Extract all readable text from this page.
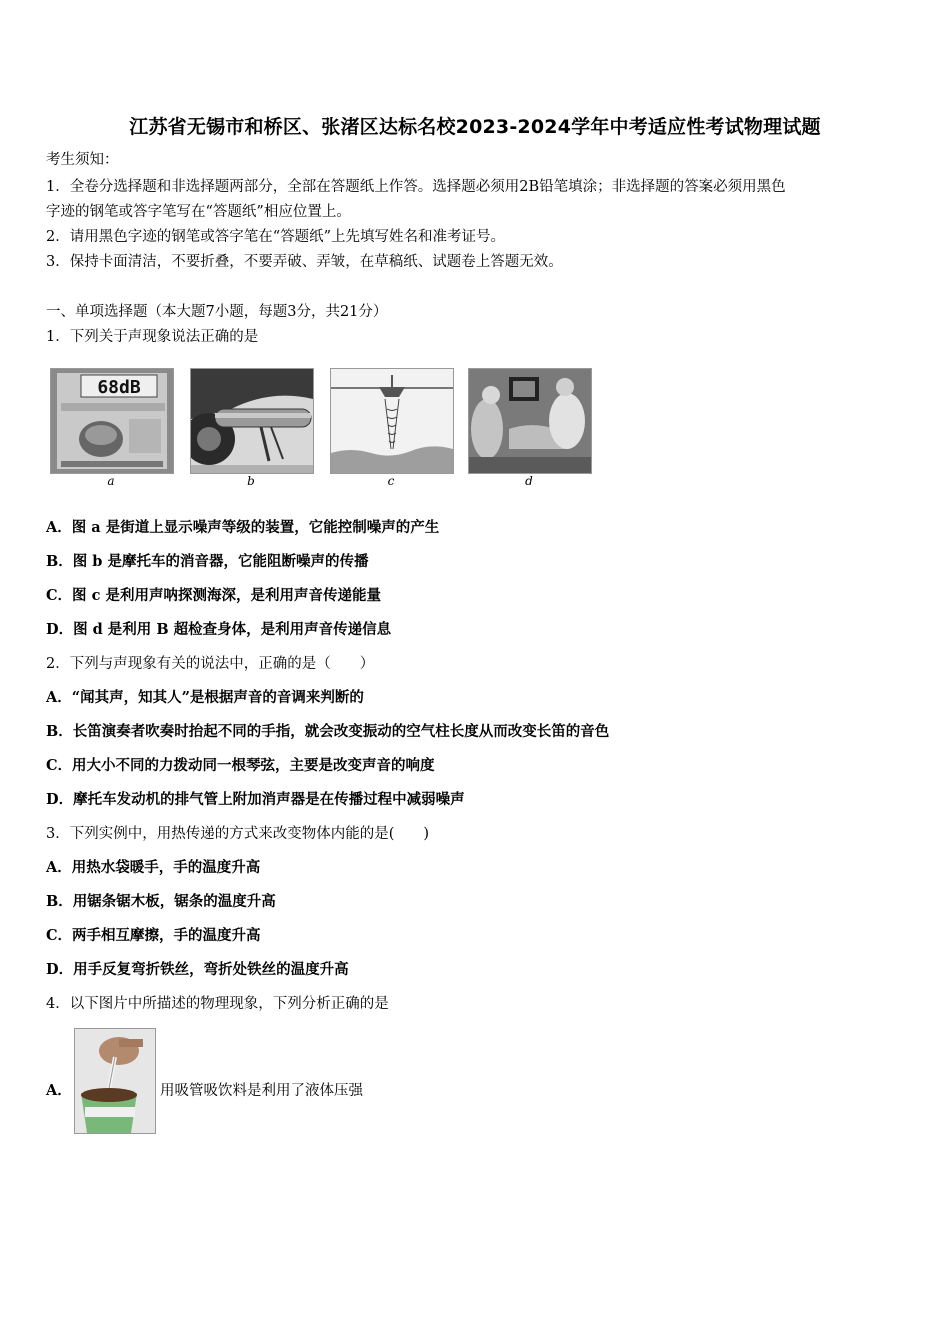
江苏省无锡市和桥区、张渚区达标名校2023-2024学年中考适应性考试物理试题
考生须知：
1．全卷分选择题和非选择题两部分，全部在答题纸上作答。选择题必须用2B铅笔填涂；非选择题的答案必须用黑色
字迹的钢笔或答字笔写在“答题纸”相应位置上。
2．请用黑色字迹的钢笔或答字笔在“答题纸”上先填写姓名和准考证号。
3．保持卡面清洁，不要折叠，不要弄破、弄皱，在草稿纸、试题卷上答题无效。
一、单项选择题（本大题7小题，每题3分，共21分）
1．下列关于声现象说法正确的是
68dB
a	b	c	d
A．图 a 是街道上显示噪声等级的装置，它能控制噪声的产生
B．图 b 是摩托车的消音器，它能阻断噪声的传播
C．图 c 是利用声呐探测海深，是利用声音传递能量
D．图 d 是利用 B 超检查身体，是利用声音传递信息
2．下列与声现象有关的说法中，正确的是（　　）
A．“闻其声，知其人”是根据声音的音调来判断的
B．长笛演奏者吹奏时抬起不同的手指，就会改变振动的空气柱长度从而改变长笛的音色
C．用大小不同的力拨动同一根琴弦，主要是改变声音的响度
D．摩托车发动机的排气管上附加消声器是在传播过程中减弱噪声
3．下列实例中，用热传递的方式来改变物体内能的是(　　)
A．用热水袋暖手，手的温度升高
B．用锯条锯木板，锯条的温度升高
C．两手相互摩擦，手的温度升高
D．用手反复弯折铁丝，弯折处铁丝的温度升高
4．以下图片中所描述的物理现象，下列分析正确的是
A．	用吸管吸饮料是利用了液体压强
